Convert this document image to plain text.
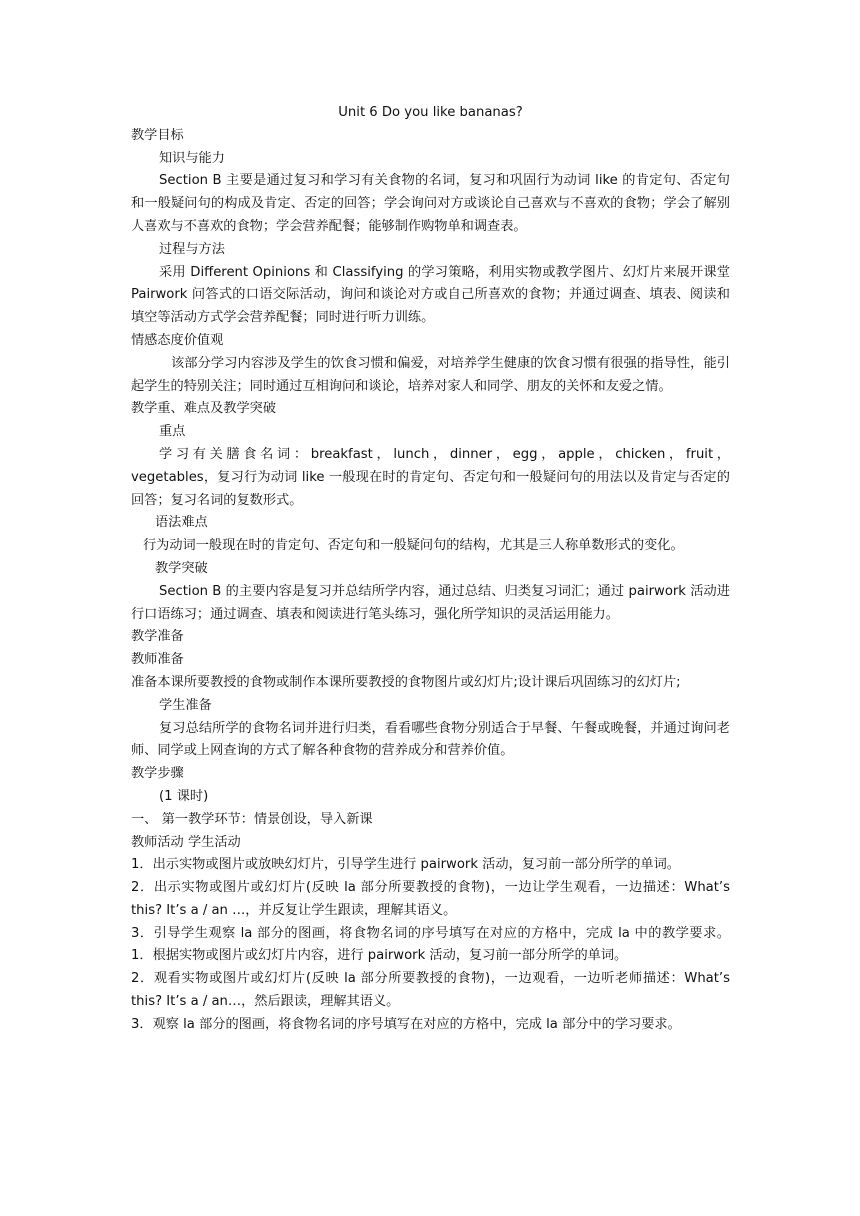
Unit 6 Do you like bananas?

教学目标

知识与能力

Section B 主要是通过复习和学习有关食物的名词，复习和巩固行为动词 like 的肯定句、否定句和一般疑问句的构成及肯定、否定的回答；学会询问对方或谈论自己喜欢与不喜欢的食物；学会了解别人喜欢与不喜欢的食物；学会营养配餐；能够制作购物单和调查表。

过程与方法

采用 Different Opinions 和 Classifying 的学习策略，利用实物或教学图片、幻灯片来展开课堂 Pairwork 问答式的口语交际活动，询问和谈论对方或自己所喜欢的食物；并通过调查、填表、阅读和填空等活动方式学会营养配餐；同时进行听力训练。

情感态度价值观

该部分学习内容涉及学生的饮食习惯和偏爱，对培养学生健康的饮食习惯有很强的指导性，能引起学生的特别关注；同时通过互相询问和谈论，培养对家人和同学、朋友的关怀和友爱之情。

教学重、难点及教学突破

重点

学习有关膳食名词：breakfast，lunch，dinner，egg，apple，chicken，fruit，vegetables，复习行为动词 like 一般现在时的肯定句、否定句和一般疑问句的用法以及肯定与否定的回答；复习名词的复数形式。

语法难点

行为动词一般现在时的肯定句、否定句和一般疑问句的结构，尤其是三人称单数形式的变化。

教学突破

Section B 的主要内容是复习并总结所学内容，通过总结、归类复习词汇；通过 pairwork 活动进行口语练习；通过调查、填表和阅读进行笔头练习，强化所学知识的灵活运用能力。

教学准备

教师准备

准备本课所要教授的食物或制作本课所要教授的食物图片或幻灯片;设计课后巩固练习的幻灯片;

学生准备

复习总结所学的食物名词并进行归类，看看哪些食物分别适合于早餐、午餐或晚餐，并通过询问老师、同学或上网查询的方式了解各种食物的营养成分和营养价值。

教学步骤

(1 课时)

一、 第一教学环节：情景创设，导入新课

教师活动 学生活动

1．出示实物或图片或放映幻灯片，引导学生进行 pairwork 活动，复习前一部分所学的单词。

2．出示实物或图片或幻灯片(反映 la 部分所要教授的食物)，一边让学生观看，一边描述：What’s this? It’s a / an …，并反复让学生跟读，理解其语义。

3．引导学生观察 la 部分的图画，将食物名词的序号填写在对应的方格中，完成 la 中的教学要求。 1．根据实物或图片或幻灯片内容，进行 pairwork 活动，复习前一部分所学的单词。

2．观看实物或图片或幻灯片(反映 la 部分所要教授的食物)，一边观看，一边听老师描述：What’s this? It’s a / an…，然后跟读，理解其语义。

3．观察 la 部分的图画，将食物名词的序号填写在对应的方格中，完成 la 部分中的学习要求。
